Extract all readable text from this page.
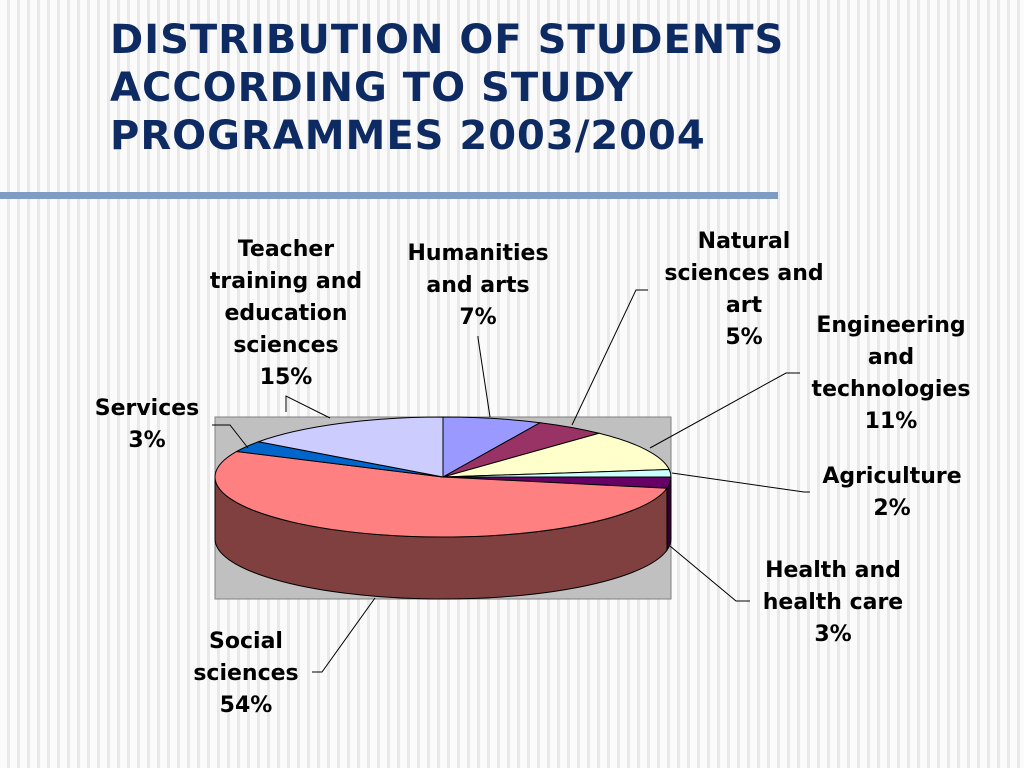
DISTRIBUTION OF STUDENTS
ACCORDING TO STUDY
PROGRAMMES 2003/2004
Humanities
and arts
7%
Natural
sciences and
art
5%	Engineering
and
technologies
11%
Agriculture
2%
Health and
health care
3%
Social
sciences
54%
Services
3%
Teacher
training and
education
sciences
15%
